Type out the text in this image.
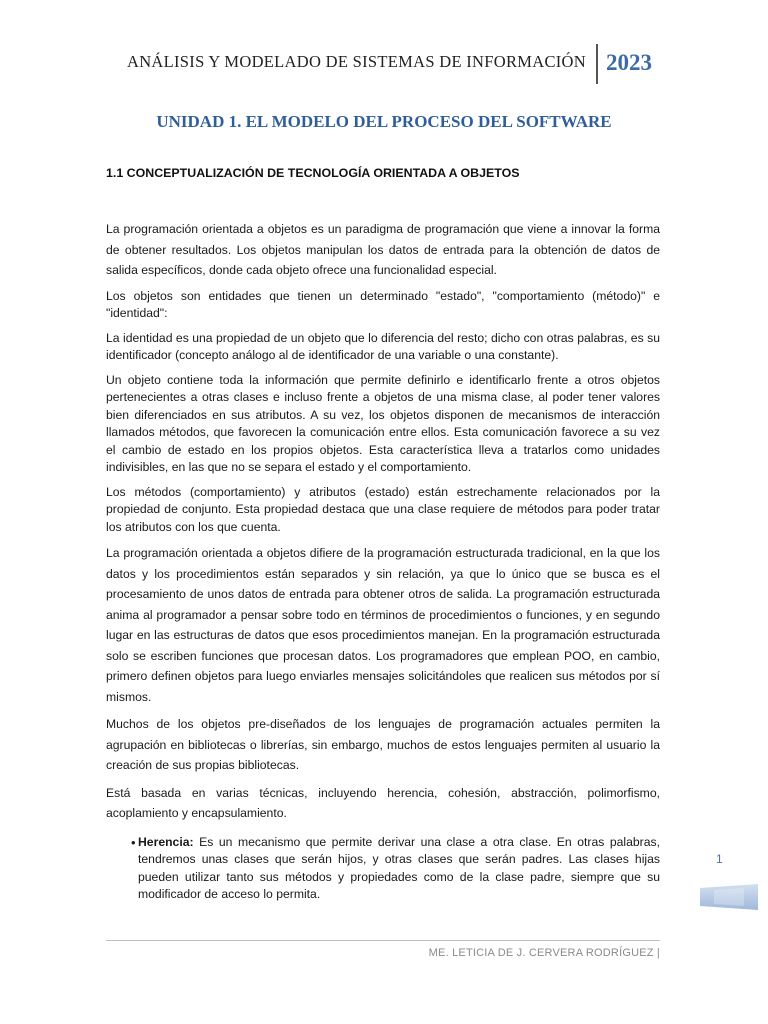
ANÁLISIS Y MODELADO DE SISTEMAS DE INFORMACIÓN 2023
UNIDAD 1. EL MODELO DEL PROCESO DEL SOFTWARE
1.1 CONCEPTUALIZACIÓN DE TECNOLOGÍA ORIENTADA A OBJETOS

La programación orientada a objetos es un paradigma de programación que viene a innovar la forma de obtener resultados. Los objetos manipulan los datos de entrada para la obtención de datos de salida específicos, donde cada objeto ofrece una funcionalidad especial.

Los objetos son entidades que tienen un determinado "estado", "comportamiento (método)" e "identidad":

La identidad es una propiedad de un objeto que lo diferencia del resto; dicho con otras palabras, es su identificador (concepto análogo al de identificador de una variable o una constante).

Un objeto contiene toda la información que permite definirlo e identificarlo frente a otros objetos pertenecientes a otras clases e incluso frente a objetos de una misma clase, al poder tener valores bien diferenciados en sus atributos. A su vez, los objetos disponen de mecanismos de interacción llamados métodos, que favorecen la comunicación entre ellos. Esta comunicación favorece a su vez el cambio de estado en los propios objetos. Esta característica lleva a tratarlos como unidades indivisibles, en las que no se separa el estado y el comportamiento.

Los métodos (comportamiento) y atributos (estado) están estrechamente relacionados por la propiedad de conjunto. Esta propiedad destaca que una clase requiere de métodos para poder tratar los atributos con los que cuenta.

La programación orientada a objetos difiere de la programación estructurada tradicional, en la que los datos y los procedimientos están separados y sin relación, ya que lo único que se busca es el procesamiento de unos datos de entrada para obtener otros de salida. La programación estructurada anima al programador a pensar sobre todo en términos de procedimientos o funciones, y en segundo lugar en las estructuras de datos que esos procedimientos manejan. En la programación estructurada solo se escriben funciones que procesan datos. Los programadores que emplean POO, en cambio, primero definen objetos para luego enviarles mensajes solicitándoles que realicen sus métodos por sí mismos.

Muchos de los objetos pre-diseñados de los lenguajes de programación actuales permiten la agrupación en bibliotecas o librerías, sin embargo, muchos de estos lenguajes permiten al usuario la creación de sus propias bibliotecas.

Está basada en varias técnicas, incluyendo herencia, cohesión, abstracción, polimorfismo, acoplamiento y encapsulamiento.

• Herencia: Es un mecanismo que permite derivar una clase a otra clase. En otras palabras, tendremos unas clases que serán hijos, y otras clases que serán padres. Las clases hijas pueden utilizar tanto sus métodos y propiedades como de la clase padre, siempre que su modificador de acceso lo permita.
1
ME. LETICIA DE J. CERVERA RODRÍGUEZ |
